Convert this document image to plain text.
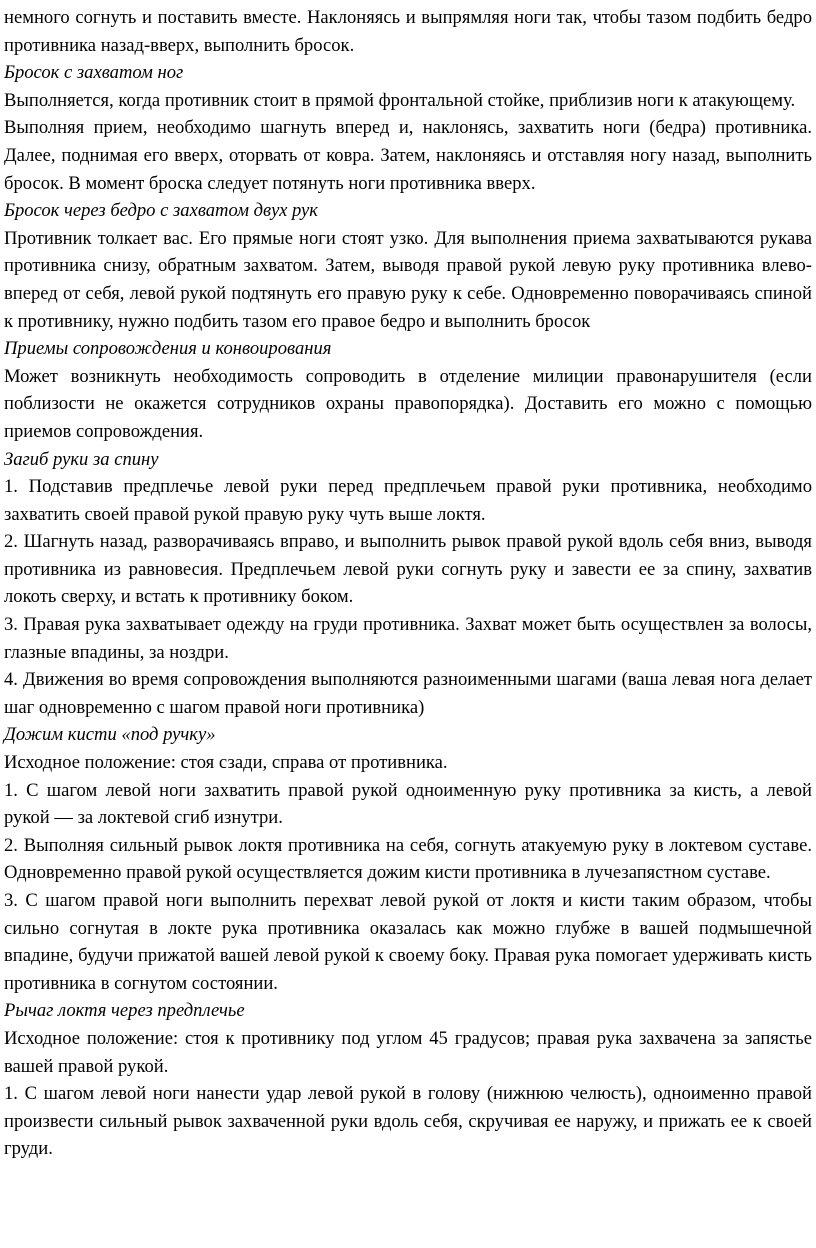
немного согнуть и поставить вместе. Наклоняясь и выпрямляя ноги так, чтобы тазом подбить бедро противника назад-вверх, выполнить бросок.

Бросок с захватом ног

Выполняется, когда противник стоит в прямой фронтальной стойке, приблизив ноги к атакующему.

Выполняя прием, необходимо шагнуть вперед и, наклонясь, захватить ноги (бедра) противника. Далее, поднимая его вверх, оторвать от ковра. Затем, наклоняясь и отставляя ногу назад, выполнить бросок. В момент броска следует потянуть ноги противника вверх.

Бросок через бедро с захватом двух рук

Противник толкает вас. Его прямые ноги стоят узко. Для выполнения приема захватываются рукава противника снизу, обратным захватом. Затем, выводя правой рукой левую руку противника влево-вперед от себя, левой рукой подтянуть его правую руку к себе. Одновременно поворачиваясь спиной к противнику, нужно подбить тазом его правое бедро и выполнить бросок

Приемы сопровождения и конвоирования

Может возникнуть необходимость сопроводить в отделение милиции правонарушителя (если поблизости не окажется сотрудников охраны правопорядка). Доставить его можно с помощью приемов сопровождения.

Загиб руки за спину

1. Подставив предплечье левой руки перед предплечьем правой руки противника, необходимо захватить своей правой рукой правую руку чуть выше локтя.

2. Шагнуть назад, разворачиваясь вправо, и выполнить рывок правой рукой вдоль себя вниз, выводя противника из равновесия. Предплечьем левой руки согнуть руку и завести ее за спину, захватив локоть сверху, и встать к противнику боком.

3. Правая рука захватывает одежду на груди противника. Захват может быть осуществлен за волосы, глазные впадины, за ноздри.

4. Движения во время сопровождения выполняются разноименными шагами (ваша левая нога делает шаг одновременно с шагом правой ноги противника)

Дожим кисти «под ручку»

Исходное положение: стоя сзади, справа от противника.

1. С шагом левой ноги захватить правой рукой одноименную руку противника за кисть, а левой рукой — за локтевой сгиб изнутри.

2. Выполняя сильный рывок локтя противника на себя, согнуть атакуемую руку в локтевом суставе. Одновременно правой рукой осуществляется дожим кисти противника в лучезапястном суставе.

3. С шагом правой ноги выполнить перехват левой рукой от локтя и кисти таким образом, чтобы сильно согнутая в локте рука противника оказалась как можно глубже в вашей подмышечной впадине, будучи прижатой вашей левой рукой к своему боку. Правая рука помогает удерживать кисть противника в согнутом состоянии.

Рычаг локтя через предплечье

Исходное положение: стоя к противнику под углом 45 градусов; правая рука захвачена за запястье вашей правой рукой.

1. С шагом левой ноги нанести удар левой рукой в голову (нижнюю челюсть), одноименно правой произвести сильный рывок захваченной руки вдоль себя, скручивая ее наружу, и прижать ее к своей груди.
